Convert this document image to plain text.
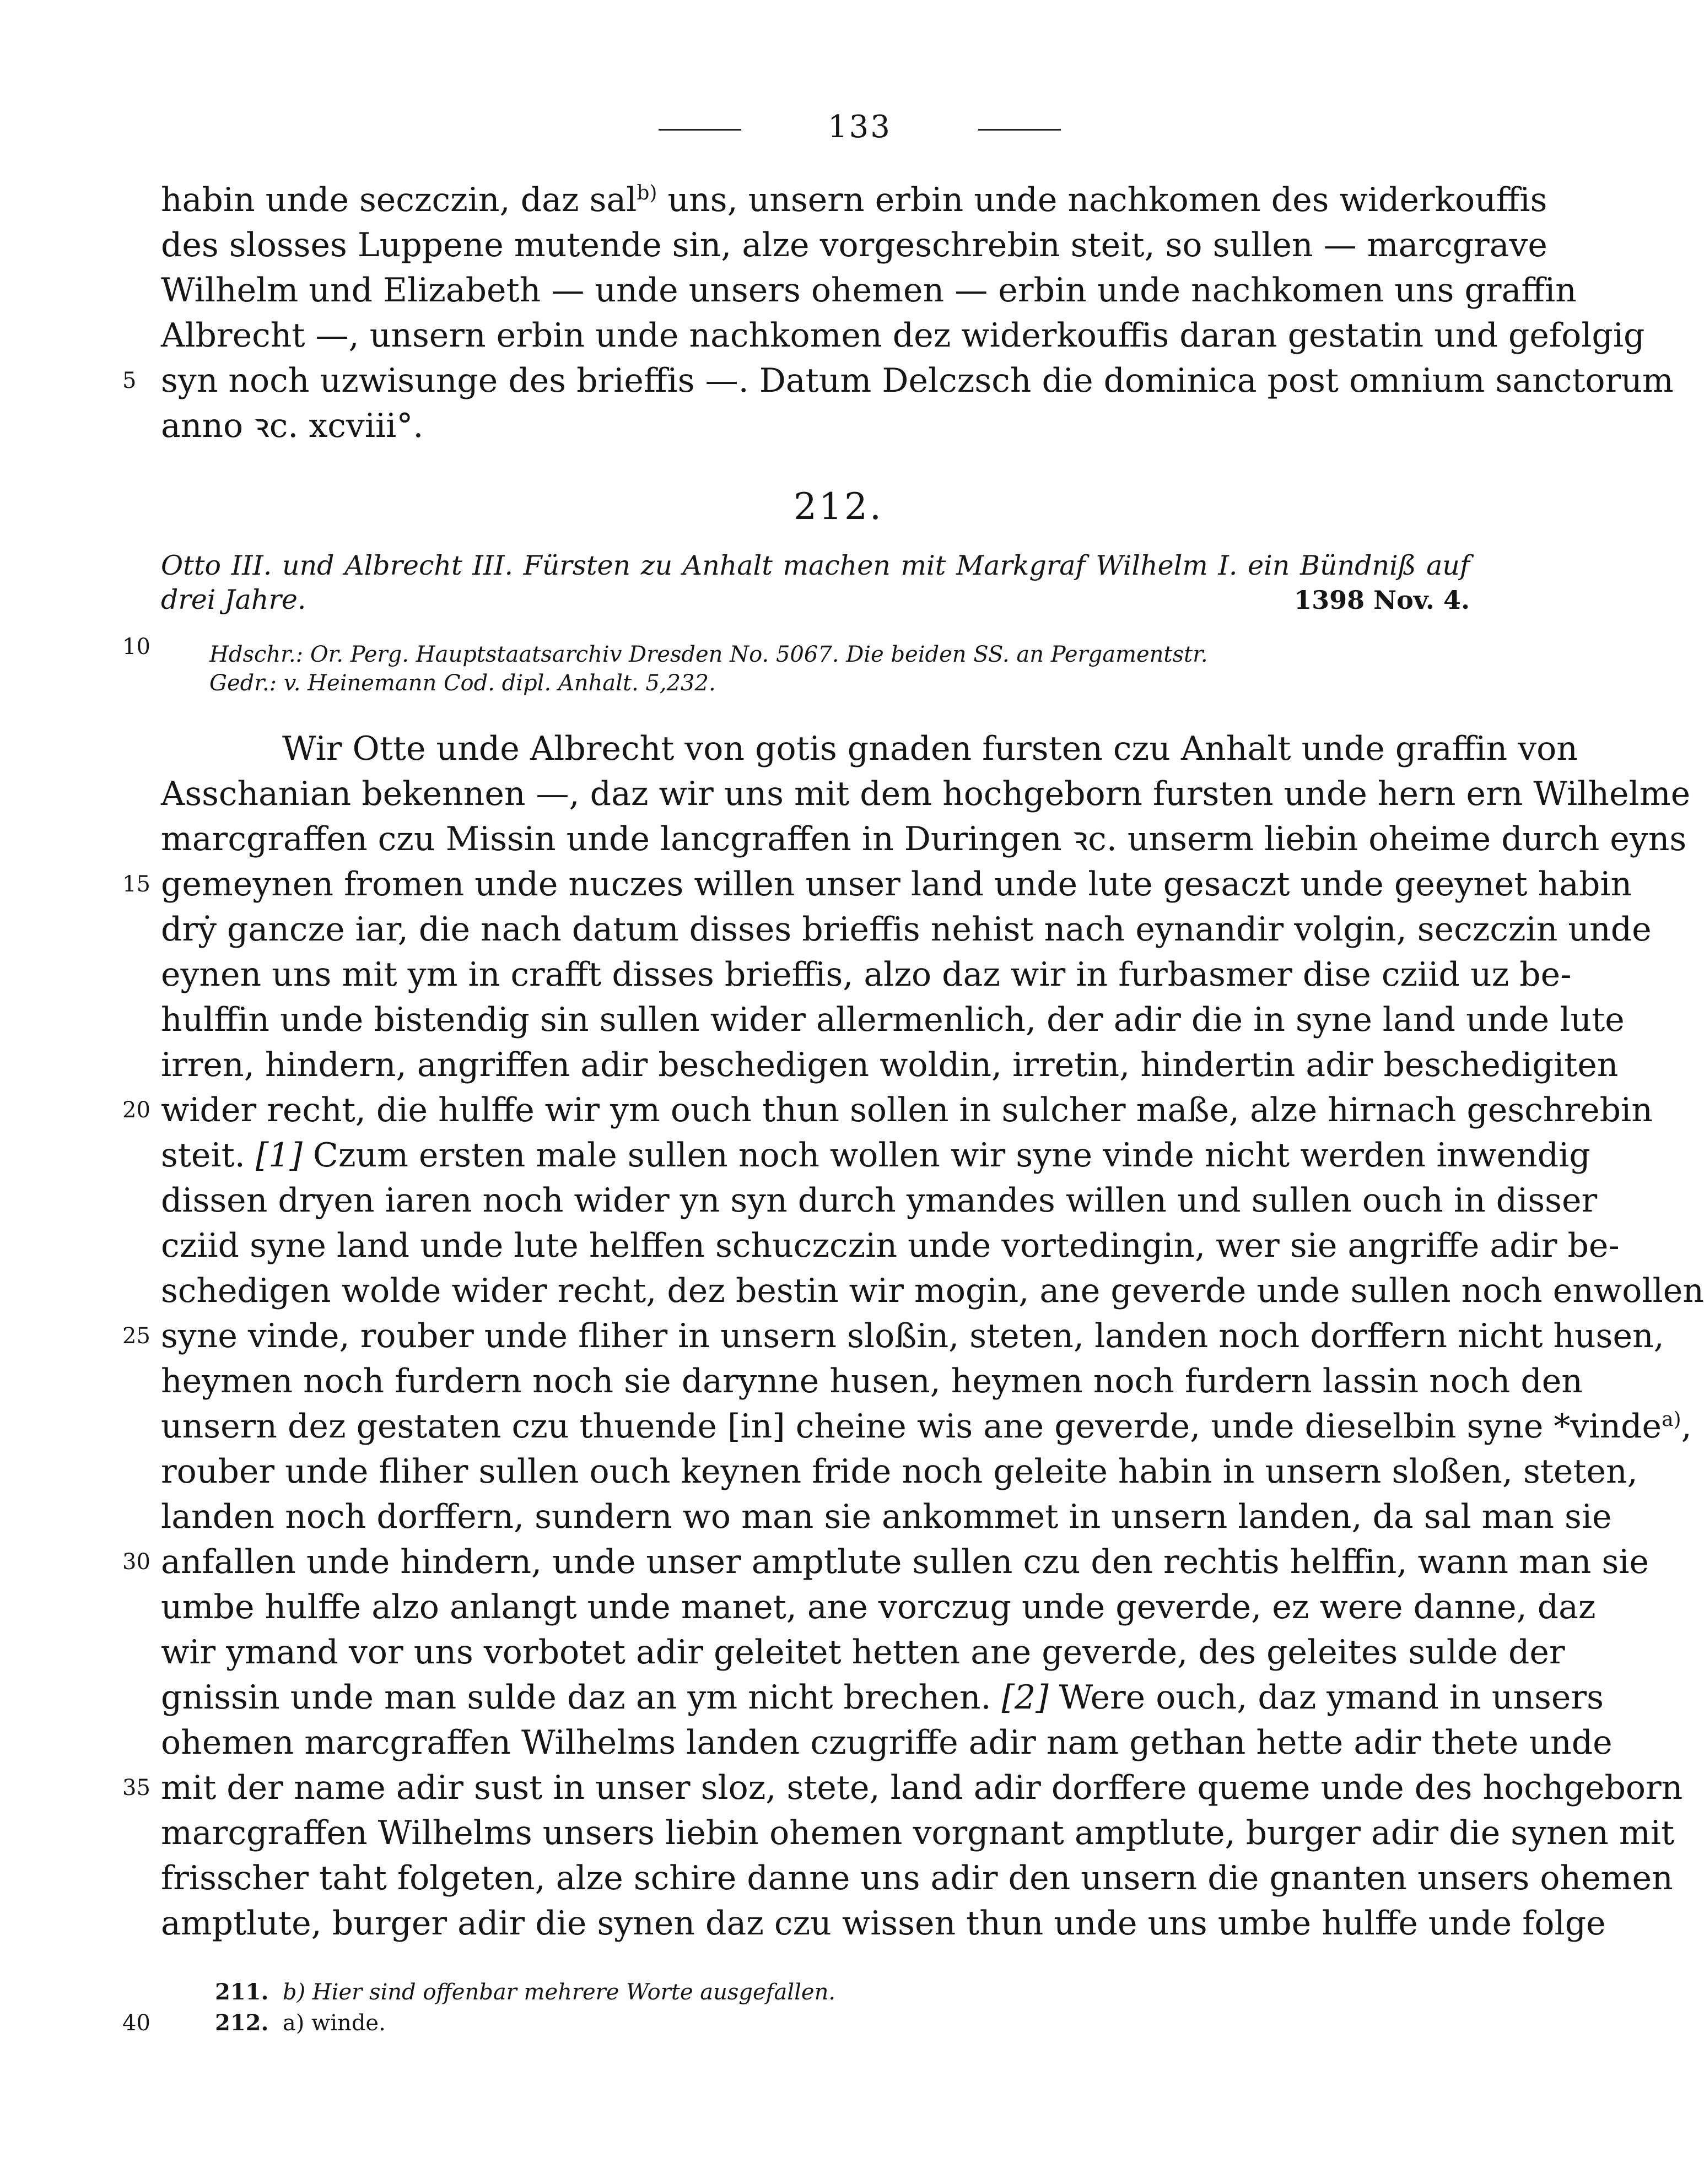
133
habin unde seczczin, daz sal$^{b)}$ uns, unsern erbin unde nachkomen des widerkouffis
des slosses Luppene mutende sin, alze vorgeschrebin steit, so sullen — marcgrave
Wilhelm und Elizabeth — unde unsers ohemen — erbin unde nachkomen uns graffin
Albrecht —, unsern erbin unde nachkomen dez widerkouffis daran gestatin und gefolgig
syn noch uzwisunge des brieffis —. Datum Delczsch die dominica post omnium sanctorum
anno ꝛc. xcviii°.
5
212.
Otto III. und Albrecht III. Fürsten zu Anhalt machen mit Markgraf Wilhelm I. ein Bündniß auf
drei Jahre.	1398 Nov. 4.
Hdschr.: Or. Perg. Hauptstaatsarchiv Dresden No. 5067. Die beiden SS. an Pergamentstr.
Gedr.: v. Heinemann Cod. dipl. Anhalt. 5,232.
10
Wir Otte unde Albrecht von gotis gnaden fursten czu Anhalt unde graffin von
Asschanian bekennen —, daz wir uns mit dem hochgeborn fursten unde hern ern Wilhelme
marcgraffen czu Missin unde lancgraffen in Duringen ꝛc. unserm liebin oheime durch eyns
gemeynen fromen unde nuczes willen unser land unde lute gesaczt unde geeynet habin
drẏ gancze iar, die nach datum disses brieffis nehist nach eynandir volgin, seczczin unde
eynen uns mit ym in crafft disses brieffis, alzo daz wir in furbasmer dise cziid uz be-
hulffin unde bistendig sin sullen wider allermenlich, der adir die in syne land unde lute
irren, hindern, angriffen adir beschedigen woldin, irretin, hindertin adir beschedigiten
wider recht, die hulffe wir ym ouch thun sollen in sulcher maße, alze hirnach geschrebin
steit. [1] Czum ersten male sullen noch wollen wir syne vinde nicht werden inwendig
dissen dryen iaren noch wider yn syn durch ymandes willen und sullen ouch in disser
cziid syne land unde lute helffen schuczczin unde vortedingin, wer sie angriffe adir be-
schedigen wolde wider recht, dez bestin wir mogin, ane geverde unde sullen noch enwollen
syne vinde, rouber unde fliher in unsern sloßin, steten, landen noch dorffern nicht husen,
heymen noch furdern noch sie darynne husen, heymen noch furdern lassin noch den
unsern dez gestaten czu thuende [in] cheine wis ane geverde, unde dieselbin syne *vinde$^{a)}$,
rouber unde fliher sullen ouch keynen fride noch geleite habin in unsern sloßen, steten,
landen noch dorffern, sundern wo man sie ankommet in unsern landen, da sal man sie
anfallen unde hindern, unde unser amptlute sullen czu den rechtis helffin, wann man sie
umbe hulffe alzo anlangt unde manet, ane vorczug unde geverde, ez were danne, daz
wir ymand vor uns vorbotet adir geleitet hetten ane geverde, des geleites sulde der
gnissin unde man sulde daz an ym nicht brechen. [2] Were ouch, daz ymand in unsers
ohemen marcgraffen Wilhelms landen czugriffe adir nam gethan hette adir thete unde
mit der name adir sust in unser sloz, stete, land adir dorffere queme unde des hochgeborn
marcgraffen Wilhelms unsers liebin ohemen vorgnant amptlute, burger adir die synen mit
frisscher taht folgeten, alze schire danne uns adir den unsern die gnanten unsers ohemen
amptlute, burger adir die synen daz czu wissen thun unde uns umbe hulffe unde folge
15
20
25
30
35
211. b) Hier sind offenbar mehrere Worte ausgefallen.
212. a) winde.
40
